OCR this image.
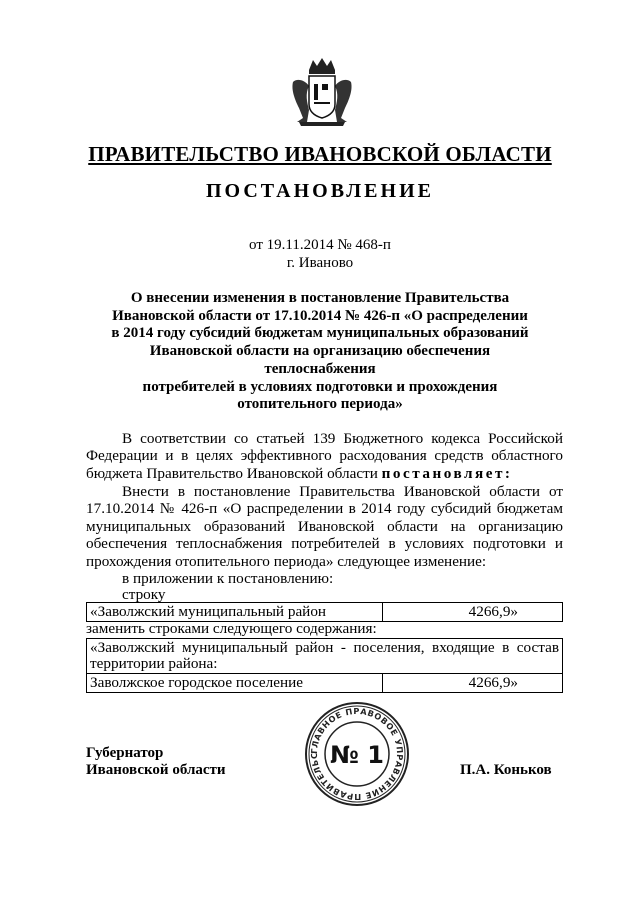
ПРАВИТЕЛЬСТВО ИВАНОВСКОЙ ОБЛАСТИ
ПОСТАНОВЛЕНИЕ
от 19.11.2014 № 468-п
г. Иваново
О внесении изменения в постановление Правительства
Ивановской области от 17.10.2014 № 426-п «О распределении
в 2014 году субсидий бюджетам муниципальных образований
Ивановской области на организацию обеспечения теплоснабжения
потребителей в условиях подготовки и прохождения
отопительного периода»
В соответствии со статьей 139 Бюджетного кодекса Российской Федерации и в целях эффективного расходования средств областного бюджета Правительство Ивановской области постановляет:
Внести в постановление Правительства Ивановской области от 17.10.2014 № 426-п «О распределении в 2014 году субсидий бюджетам муниципальных образований Ивановской области на организацию обеспечения теплоснабжения потребителей в условиях подготовки и прохождения отопительного периода» следующее изменение:
в приложении к постановлению:
строку
«Заволжский муниципальный район	4266,9»
заменить строками следующего содержания:
«Заволжский муниципальный район - поселения, входящие в состав территории района:
Заволжское городское поселение	4266,9»
Губернатор
Ивановской области	П.А. Коньков
ГЛАВНОЕ ПРАВОВОЕ УПРАВЛЕНИЕ ПРАВИТЕЛЬС № 1
